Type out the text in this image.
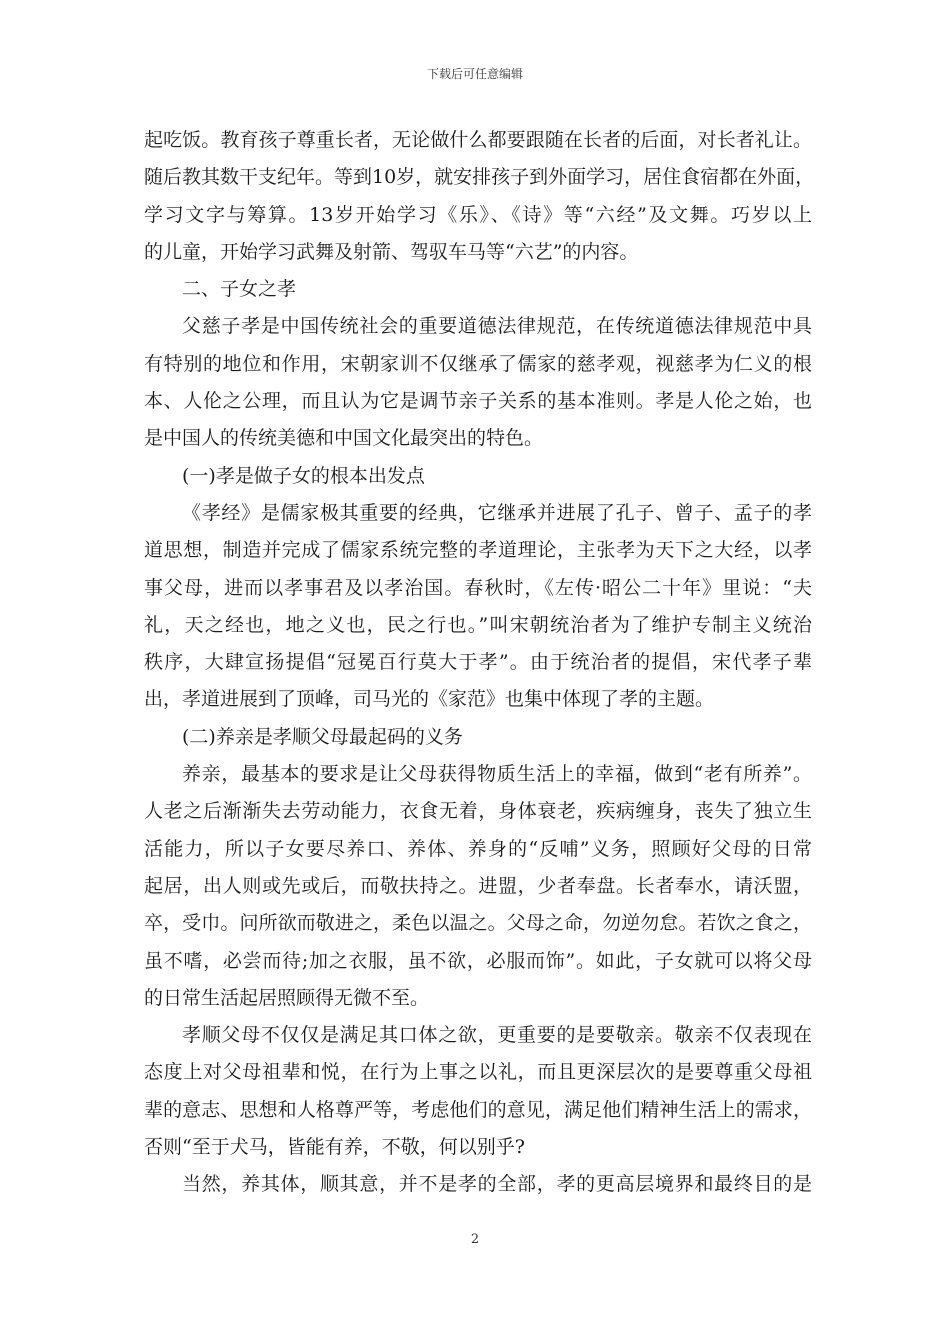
下载后可任意编辑
起吃饭。教育孩子尊重长者，无论做什么都要跟随在长者的后面，对长者礼让。
随后教其数干支纪年。等到10岁，就安排孩子到外面学习，居住食宿都在外面，
学习文字与筹算。13岁开始学习《乐》、《诗》等“六经”及文舞。巧岁以上
的儿童，开始学习武舞及射箭、驾驭车马等“六艺”的内容。
二、子女之孝
父慈子孝是中国传统社会的重要道德法律规范，在传统道德法律规范中具
有特别的地位和作用，宋朝家训不仅继承了儒家的慈孝观，视慈孝为仁义的根
本、人伦之公理，而且认为它是调节亲子关系的基本准则。孝是人伦之始，也
是中国人的传统美德和中国文化最突出的特色。
(一)孝是做子女的根本出发点
《孝经》是儒家极其重要的经典，它继承并进展了孔子、曾子、孟子的孝
道思想，制造并完成了儒家系统完整的孝道理论，主张孝为天下之大经，以孝
事父母，进而以孝事君及以孝治国。春秋时，《左传·昭公二十年》里说：“夫
礼，天之经也，地之义也，民之行也。”叫宋朝统治者为了维护专制主义统治
秩序，大肆宣扬提倡“冠冕百行莫大于孝”。由于统治者的提倡，宋代孝子辈
出，孝道进展到了顶峰，司马光的《家范》也集中体现了孝的主题。
(二)养亲是孝顺父母最起码的义务
养亲，最基本的要求是让父母获得物质生活上的幸福，做到“老有所养”。
人老之后渐渐失去劳动能力，衣食无着，身体衰老，疾病缠身，丧失了独立生
活能力，所以子女要尽养口、养体、养身的“反哺”义务，照顾好父母的日常
起居，出人则或先或后，而敬扶持之。进盟，少者奉盘。长者奉水，请沃盟，
卒，受巾。问所欲而敬进之，柔色以温之。父母之命，勿逆勿怠。若饮之食之，
虽不嗜，必尝而待;加之衣服，虽不欲，必服而饰”。如此，子女就可以将父母
的日常生活起居照顾得无微不至。
孝顺父母不仅仅是满足其口体之欲，更重要的是要敬亲。敬亲不仅表现在
态度上对父母祖辈和悦，在行为上事之以礼，而且更深层次的是要尊重父母祖
辈的意志、思想和人格尊严等，考虑他们的意见，满足他们精神生活上的需求，
否则“至于犬马，皆能有养，不敬，何以别乎?
当然，养其体，顺其意，并不是孝的全部，孝的更高层境界和最终目的是
2
